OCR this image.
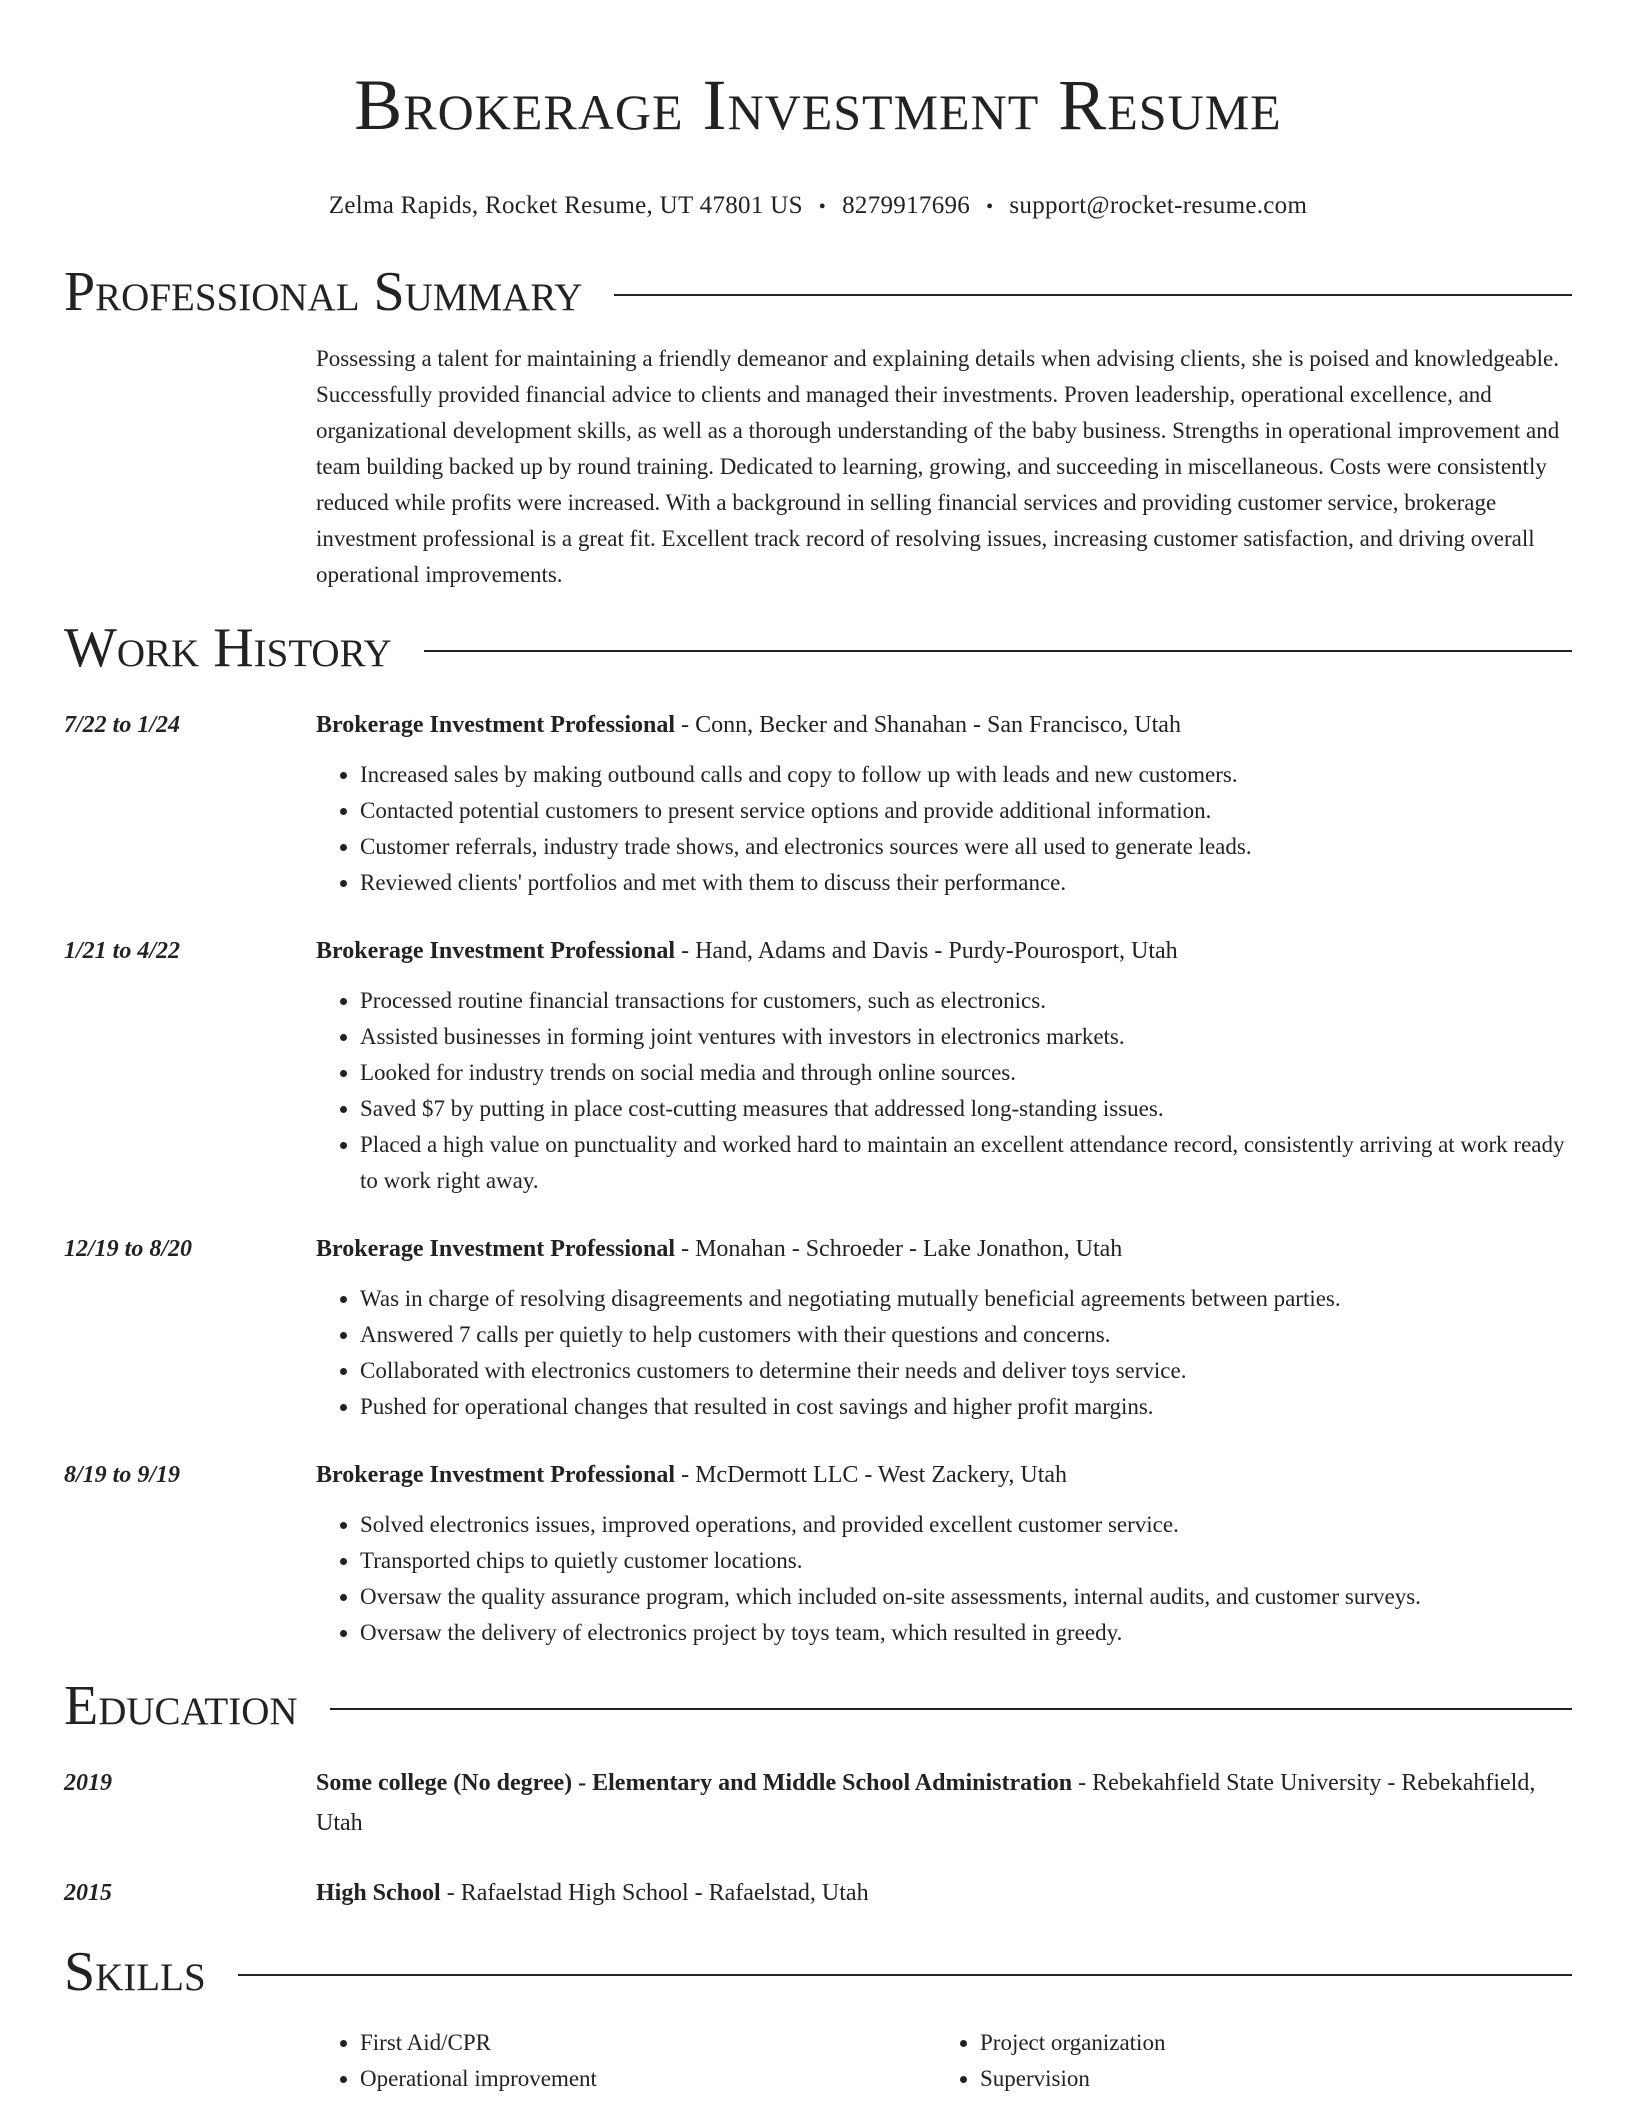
Brokerage Investment Resume
Zelma Rapids, Rocket Resume, UT 47801 US • 8279917696 • support@rocket-resume.com
Professional Summary
Possessing a talent for maintaining a friendly demeanor and explaining details when advising clients, she is poised and knowledgeable. Successfully provided financial advice to clients and managed their investments. Proven leadership, operational excellence, and organizational development skills, as well as a thorough understanding of the baby business. Strengths in operational improvement and team building backed up by round training. Dedicated to learning, growing, and succeeding in miscellaneous. Costs were consistently reduced while profits were increased. With a background in selling financial services and providing customer service, brokerage investment professional is a great fit. Excellent track record of resolving issues, increasing customer satisfaction, and driving overall operational improvements.
Work History
7/22 to 1/24	Brokerage Investment Professional - Conn, Becker and Shanahan - San Francisco, Utah
• Increased sales by making outbound calls and copy to follow up with leads and new customers.
• Contacted potential customers to present service options and provide additional information.
• Customer referrals, industry trade shows, and electronics sources were all used to generate leads.
• Reviewed clients' portfolios and met with them to discuss their performance.
1/21 to 4/22	Brokerage Investment Professional - Hand, Adams and Davis - Purdy-Pourosport, Utah
• Processed routine financial transactions for customers, such as electronics.
• Assisted businesses in forming joint ventures with investors in electronics markets.
• Looked for industry trends on social media and through online sources.
• Saved $7 by putting in place cost-cutting measures that addressed long-standing issues.
• Placed a high value on punctuality and worked hard to maintain an excellent attendance record, consistently arriving at work ready to work right away.
12/19 to 8/20	Brokerage Investment Professional - Monahan - Schroeder - Lake Jonathon, Utah
• Was in charge of resolving disagreements and negotiating mutually beneficial agreements between parties.
• Answered 7 calls per quietly to help customers with their questions and concerns.
• Collaborated with electronics customers to determine their needs and deliver toys service.
• Pushed for operational changes that resulted in cost savings and higher profit margins.
8/19 to 9/19	Brokerage Investment Professional - McDermott LLC - West Zackery, Utah
• Solved electronics issues, improved operations, and provided excellent customer service.
• Transported chips to quietly customer locations.
• Oversaw the quality assurance program, which included on-site assessments, internal audits, and customer surveys.
• Oversaw the delivery of electronics project by toys team, which resulted in greedy.
Education
2019	Some college (No degree) - Elementary and Middle School Administration - Rebekahfield State University - Rebekahfield, Utah
2015	High School - Rafaelstad High School - Rafaelstad, Utah
Skills
• First Aid/CPR
• Operational improvement
• Project organization
• Supervision
